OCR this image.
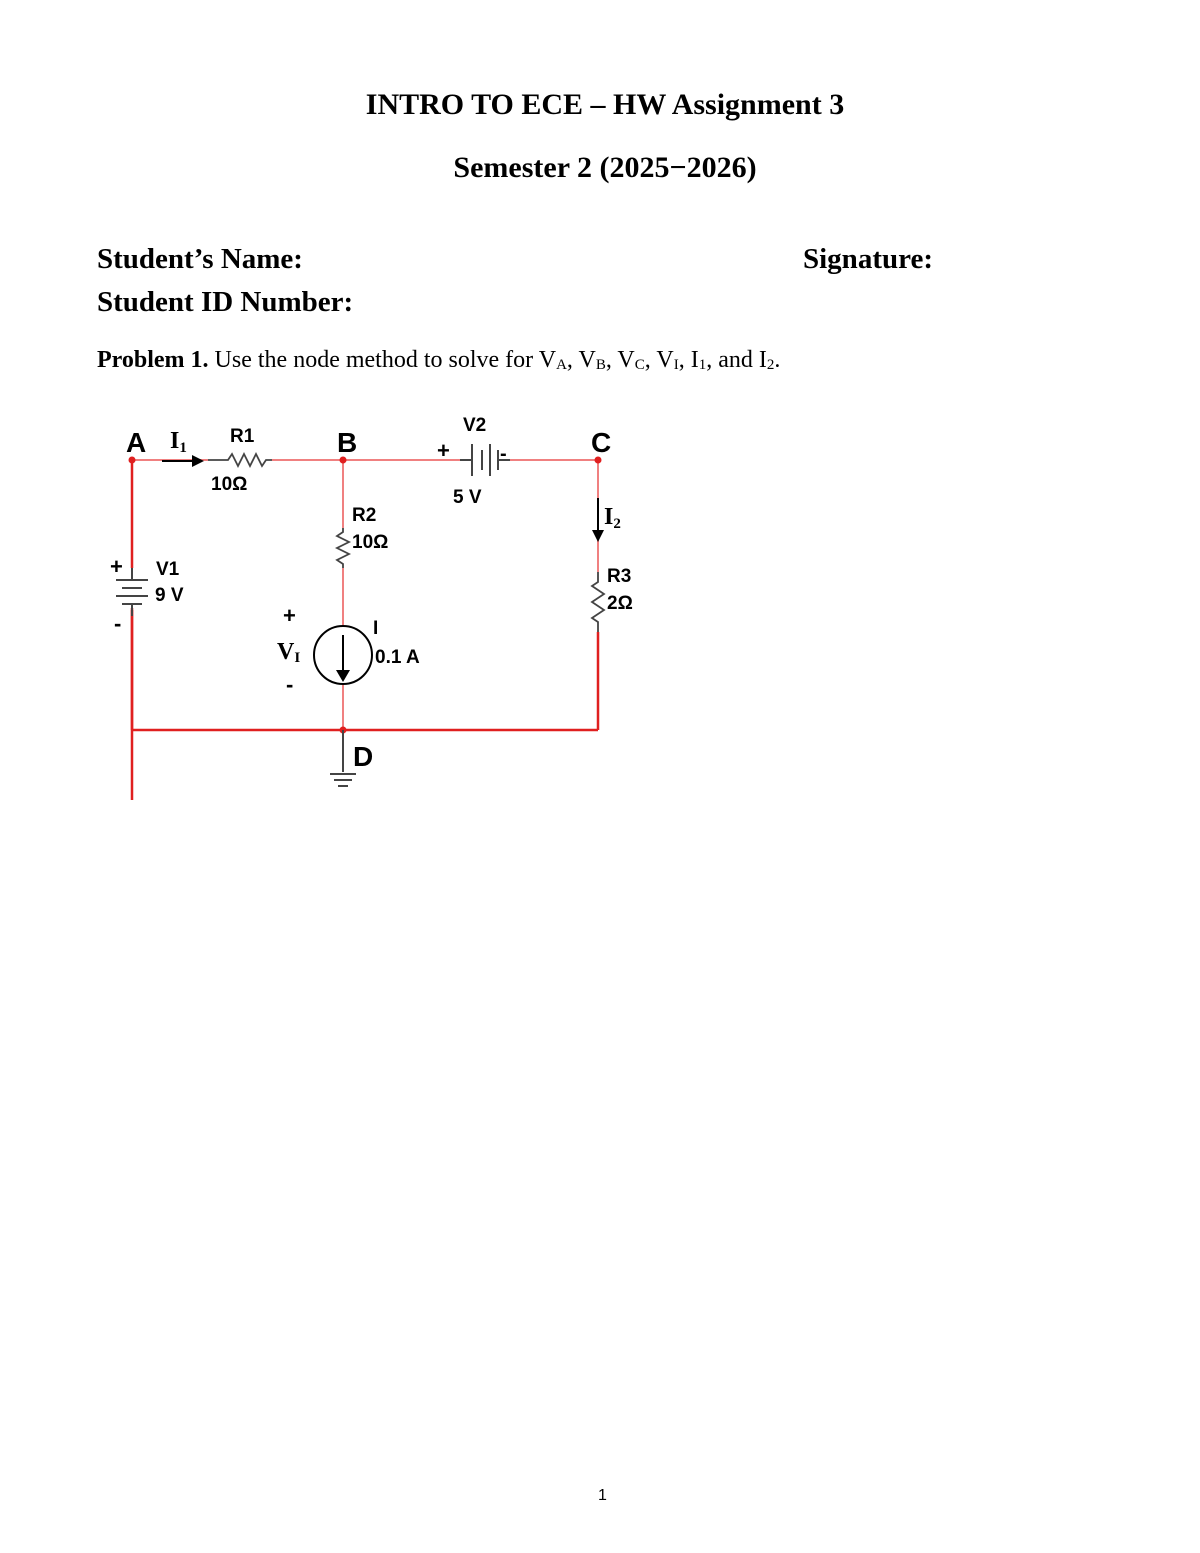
INTRO TO ECE – HW Assignment 3
Semester 2 (2025−2026)
Student’s Name:	Signature:
Student ID Number:
Problem 1. Use the node method to solve for $V_A$, $V_B$, $V_C$, $V_I$, $I_1$, and $I_2$.
A	B	C
D
I1
I2
R1
10Ω
R2
10Ω
R3
2Ω
V2
5 V
+	-
V1
9 V
+
-	I
0.1 A
+
VI
-
1
